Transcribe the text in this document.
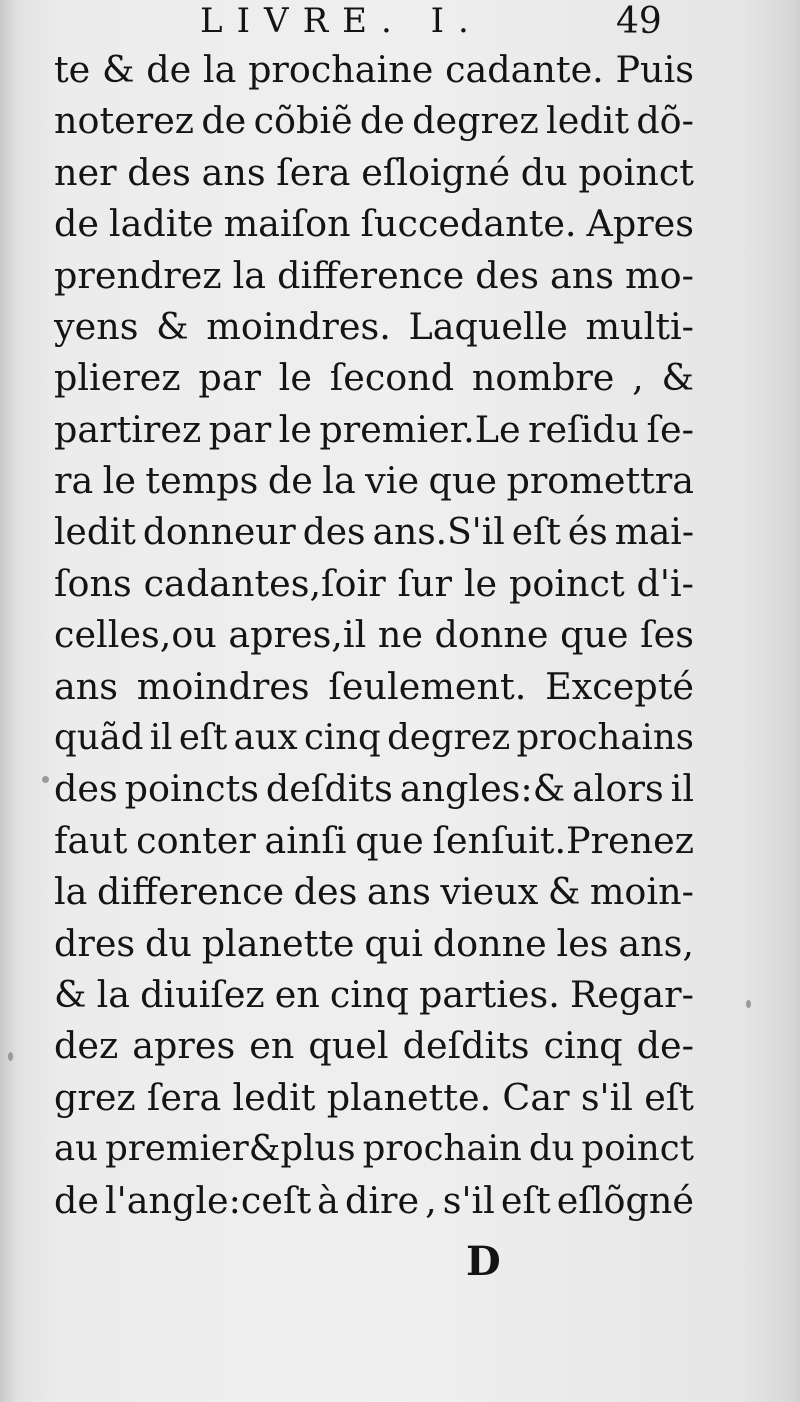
LIVRE. I.	49
te & de la prochaine cadante. Puis
noterez de cõbiẽ de degrez ledit dõ-
ner des ans ſera eſloigné du poinct
de ladite maiſon ſuccedante. Apres
prendrez la difference des ans mo-
yens & moindres. Laquelle multi-
plierez par le ſecond nombre , &
partirez par le premier.Le reſidu ſe-
ra le temps de la vie que promettra
ledit donneur des ans.S'il eſt és mai-
ſons cadantes,ſoir ſur le poinct d'i-
celles,ou apres,il ne donne que ſes
ans moindres ſeulement. Excepté
quãd il eſt aux cinq degrez prochains
des poincts deſdits angles:& alors il
faut conter ainſi que ſenſuit.Prenez
la difference des ans vieux & moin-
dres du planette qui donne les ans,
& la diuiſez en cinq parties. Regar-
dez apres en quel deſdits cinq de-
grez ſera ledit planette. Car s'il eſt
au premier&plus prochain du poinct
de l'angle:ceſt à dire , s'il eſt eſlõgné
D
